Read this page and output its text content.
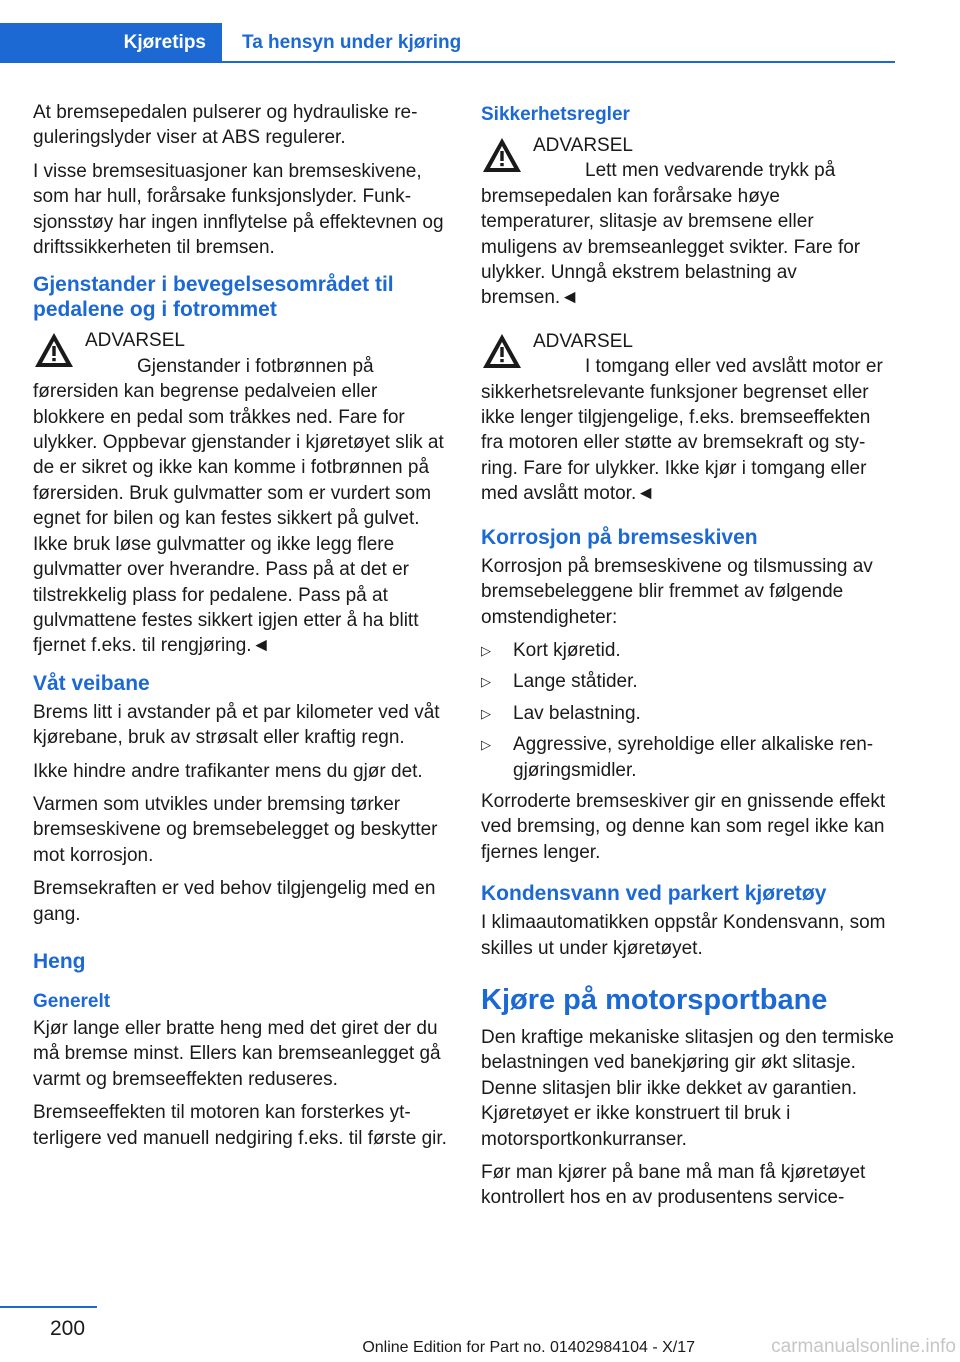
Kjøretips Ta hensyn under kjøring

At bremsepedalen pulserer og hydrauliske reguleringslyder viser at ABS regulerer.

I visse bremsesituasjoner kan bremseskivene, som har hull, forårsake funksjonslyder. Funksjonsstøy har ingen innflytelse på effektevnen og driftssikkerheten til bremsen.

Gjenstander i bevegelsesområdet til pedalene og i fotrommet
ADVARSEL
Gjenstander i fotbrønnen på førersiden kan begrense pedalveien eller blokkere en pedal som tråkkes ned. Fare for ulykker. Oppbevar gjenstander i kjøretøyet slik at de er sikret og ikke kan komme i fotbrønnen på førersiden. Bruk gulvmatter som er vurdert som egnet for bilen og kan festes sikkert på gulvet. Ikke bruk løse gulvmatter og ikke legg flere gulvmatter over hverandre. Pass på at det er tilstrekkelig plass for pedalene. Pass på at gulvmattene festes sikkert igjen etter å ha blitt fjernet f.eks. til rengjøring.◄
Våt veibane

Brems litt i avstander på et par kilometer ved våt kjørebane, bruk av strøsalt eller kraftig regn.

Ikke hindre andre trafikanter mens du gjør det.

Varmen som utvikles under bremsing tørker bremseskivene og bremsebelegget og beskytter mot korrosjon.

Bremsekraften er ved behov tilgjengelig med en gang.

Heng
Generelt

Kjør lange eller bratte heng med det giret der du må bremse minst. Ellers kan bremseanlegget gå varmt og bremseeffekten reduseres.

Bremseeffekten til motoren kan forsterkes ytterligere ved manuell nedgiring f.eks. til første gir.

Sikkerhetsregler
ADVARSEL
Lett men vedvarende trykk på bremsepedalen kan forårsake høye temperaturer, slitasje av bremsene eller muligens av bremseanlegget svikter. Fare for ulykker. Unngå ekstrem belastning av bremsen.◄
ADVARSEL
I tomgang eller ved avslått motor er sikkerhetsrelevante funksjoner begrenset eller ikke lenger tilgjengelige, f.eks. bremseeffekten fra motoren eller støtte av bremsekraft og styring. Fare for ulykker. Ikke kjør i tomgang eller med avslått motor.◄
Korrosjon på bremseskiven

Korrosjon på bremseskivene og tilsmussing av bremsebeleggene blir fremmet av følgende omstendigheter:

▷ Kort kjøretid.
▷ Lange ståtider.
▷ Lav belastning.
▷ Aggressive, syreholdige eller alkaliske rengjøringsmidler.

Korroderte bremseskiver gir en gnissende effekt ved bremsing, og denne kan som regel ikke kan fjernes lenger.

Kondensvann ved parkert kjøretøy

I klimaautomatikken oppstår Kondensvann, som skilles ut under kjøretøyet.

Kjøre på motorsportbane

Den kraftige mekaniske slitasjen og den termiske belastningen ved banekjøring gir økt slitasje. Denne slitasjen blir ikke dekket av garantien. Kjøretøyet er ikke konstruert til bruk i motorsportkonkurranser.

Før man kjører på bane må man få kjøretøyet kontrollert hos en av produsentens service-

200
Online Edition for Part no. 01402984104 - X/17	carmanualsonline.info
